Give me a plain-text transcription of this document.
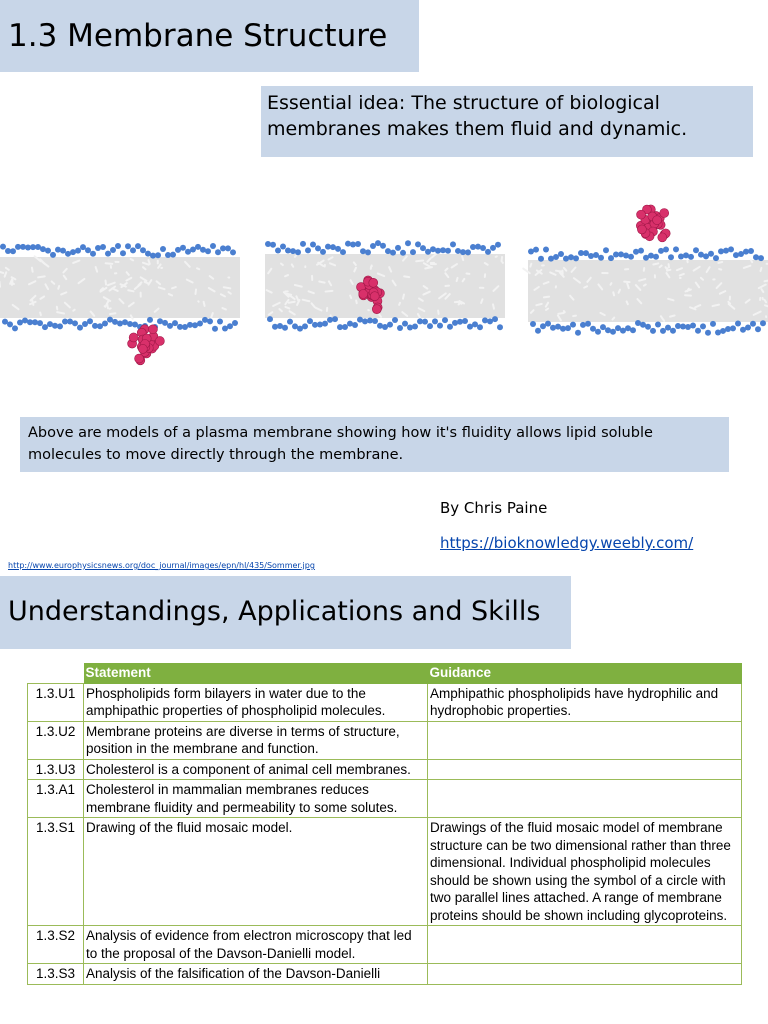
1.3 Membrane Structure
Essential idea: The structure of biological membranes makes them fluid and dynamic.
Above are models of a plasma membrane showing how it's fluidity allows lipid soluble molecules to move directly through the membrane.
By Chris Paine
https://bioknowledgy.weebly.com/
http://www.europhysicsnews.org/doc_journal/images/epn/hl/435/Sommer.jpg
Understandings, Applications and Skills
	Statement	Guidance
1.3.U1	Phospholipids form bilayers in water due to the amphipathic properties of phospholipid molecules.	Amphipathic phospholipids have hydrophilic and hydrophobic properties.
1.3.U2	Membrane proteins are diverse in terms of structure, position in the membrane and function.	
1.3.U3	Cholesterol is a component of animal cell membranes.	
1.3.A1	Cholesterol in mammalian membranes reduces membrane fluidity and permeability to some solutes.	
1.3.S1	Drawing of the fluid mosaic model.	Drawings of the fluid mosaic model of membrane structure can be two dimensional rather than three dimensional. Individual phospholipid molecules should be shown using the symbol of a circle with two parallel lines attached. A range of membrane proteins should be shown including glycoproteins.
1.3.S2	Analysis of evidence from electron microscopy that led to the proposal of the Davson-Danielli model.	
1.3.S3	Analysis of the falsification of the Davson-Danielli	
